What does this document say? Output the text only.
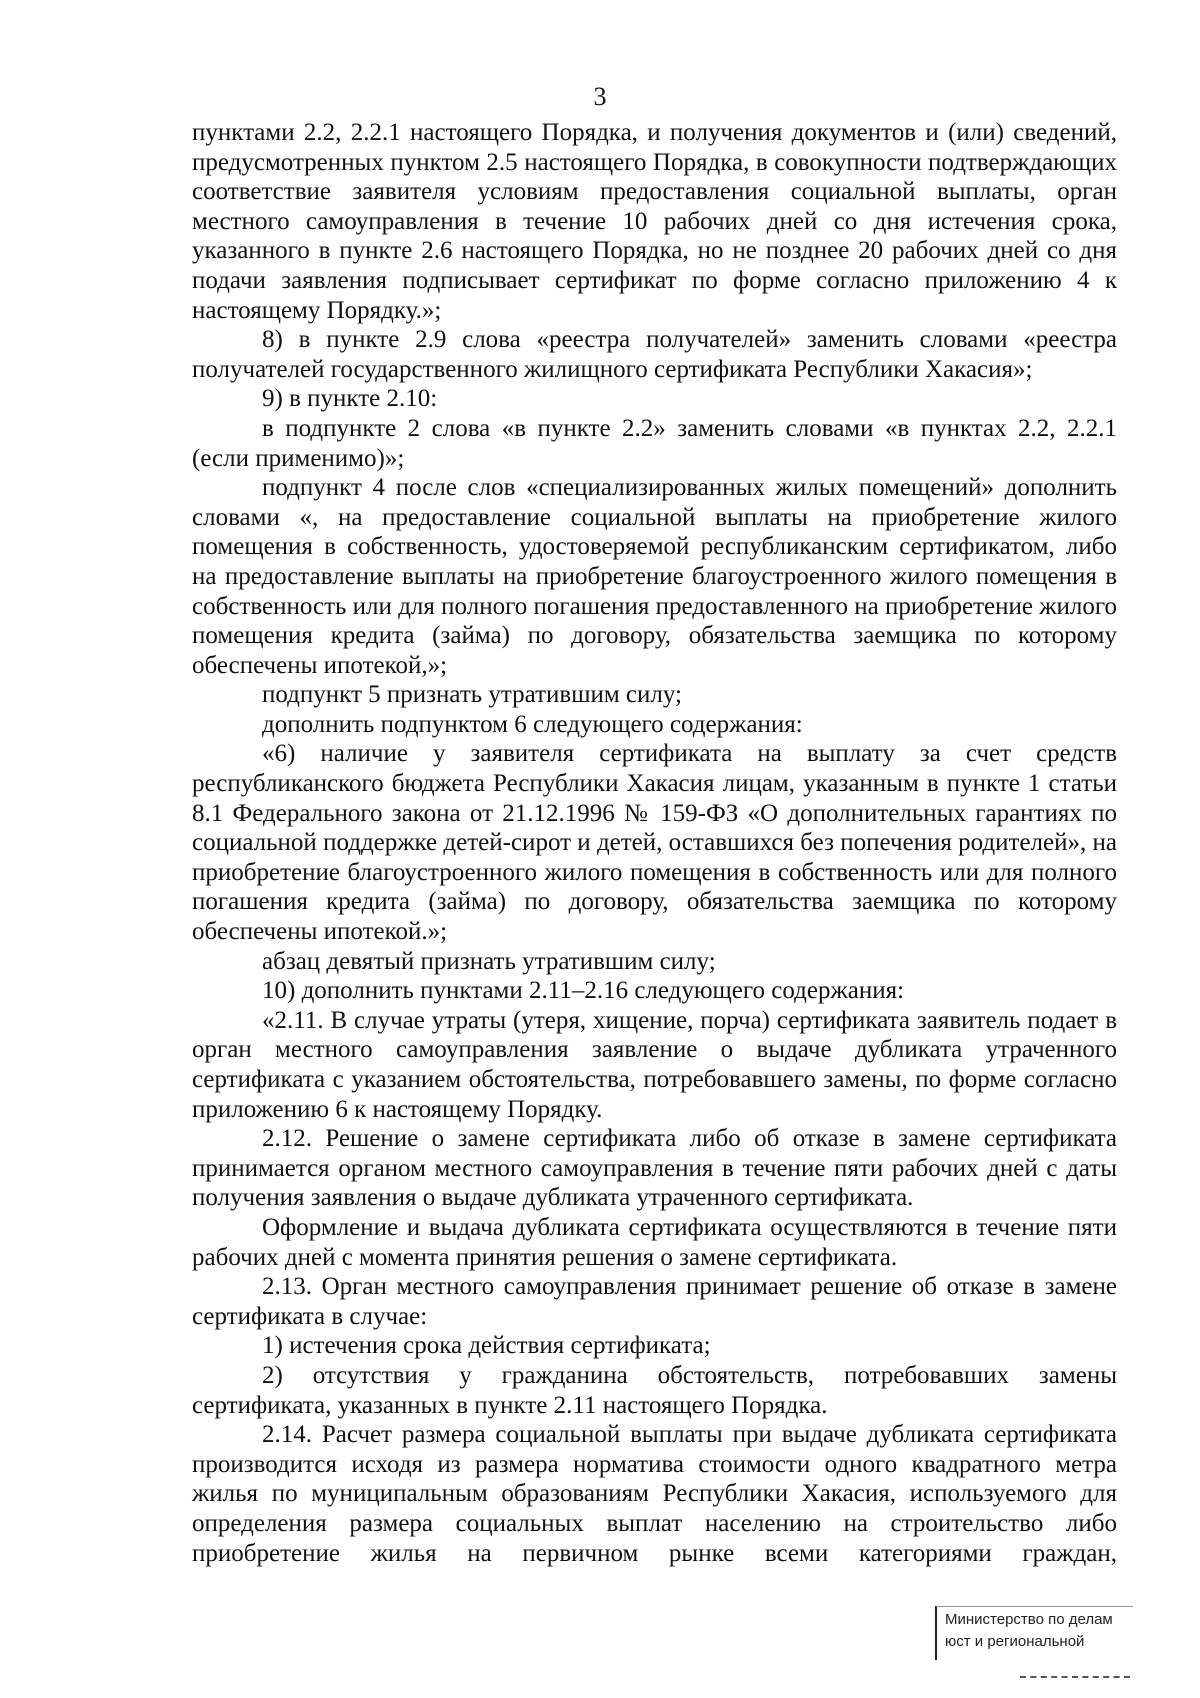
3

пунктами 2.2, 2.2.1 настоящего Порядка, и получения документов и (или) сведений, предусмотренных пунктом 2.5 настоящего Порядка, в совокупности подтверждающих соответствие заявителя условиям предоставления социальной выплаты, орган местного самоуправления в течение 10 рабочих дней со дня истечения срока, указанного в пункте 2.6 настоящего Порядка, но не позднее 20 рабочих дней со дня подачи заявления подписывает сертификат по форме согласно приложению 4 к настоящему Порядку.»;

8) в пункте 2.9 слова «реестра получателей» заменить словами «реестра получателей государственного жилищного сертификата Республики Хакасия»;

9) в пункте 2.10:

в подпункте 2 слова «в пункте 2.2» заменить словами «в пунктах 2.2, 2.2.1 (если применимо)»;

подпункт 4 после слов «специализированных жилых помещений» дополнить словами «, на предоставление социальной выплаты на приобретение жилого помещения в собственность, удостоверяемой республиканским сертификатом, либо на предоставление выплаты на приобретение благоустроенного жилого помещения в собственность или для полного погашения предоставленного на приобретение жилого помещения кредита (займа) по договору, обязательства заемщика по которому обеспечены ипотекой,»;

подпункт 5 признать утратившим силу;

дополнить подпунктом 6 следующего содержания:

«6) наличие у заявителя сертификата на выплату за счет средств республиканского бюджета Республики Хакасия лицам, указанным в пункте 1 статьи 8.1 Федерального закона от 21.12.1996 № 159-ФЗ «О дополнительных гарантиях по социальной поддержке детей-сирот и детей, оставшихся без попечения родителей», на приобретение благоустроенного жилого помещения в собственность или для полного погашения кредита (займа) по договору, обязательства заемщика по которому обеспечены ипотекой.»;

абзац девятый признать утратившим силу;

10) дополнить пунктами 2.11–2.16 следующего содержания:

«2.11. В случае утраты (утеря, хищение, порча) сертификата заявитель подает в орган местного самоуправления заявление о выдаче дубликата утраченного сертификата с указанием обстоятельства, потребовавшего замены, по форме согласно приложению 6 к настоящему Порядку.

2.12. Решение о замене сертификата либо об отказе в замене сертификата принимается органом местного самоуправления в течение пяти рабочих дней с даты получения заявления о выдаче дубликата утраченного сертификата.

Оформление и выдача дубликата сертификата осуществляются в течение пяти рабочих дней с момента принятия решения о замене сертификата.

2.13. Орган местного самоуправления принимает решение об отказе в замене сертификата в случае:

1) истечения срока действия сертификата;

2) отсутствия у гражданина обстоятельств, потребовавших замены сертификата, указанных в пункте 2.11 настоящего Порядка.

2.14. Расчет размера социальной выплаты при выдаче дубликата сертификата производится исходя из размера норматива стоимости одного квадратного метра жилья по муниципальным образованиям Республики Хакасия, используемого для определения размера социальных выплат населению на строительство либо приобретение жилья на первичном рынке всеми категориями граждан,

Министерство по делам
юст и региональной
